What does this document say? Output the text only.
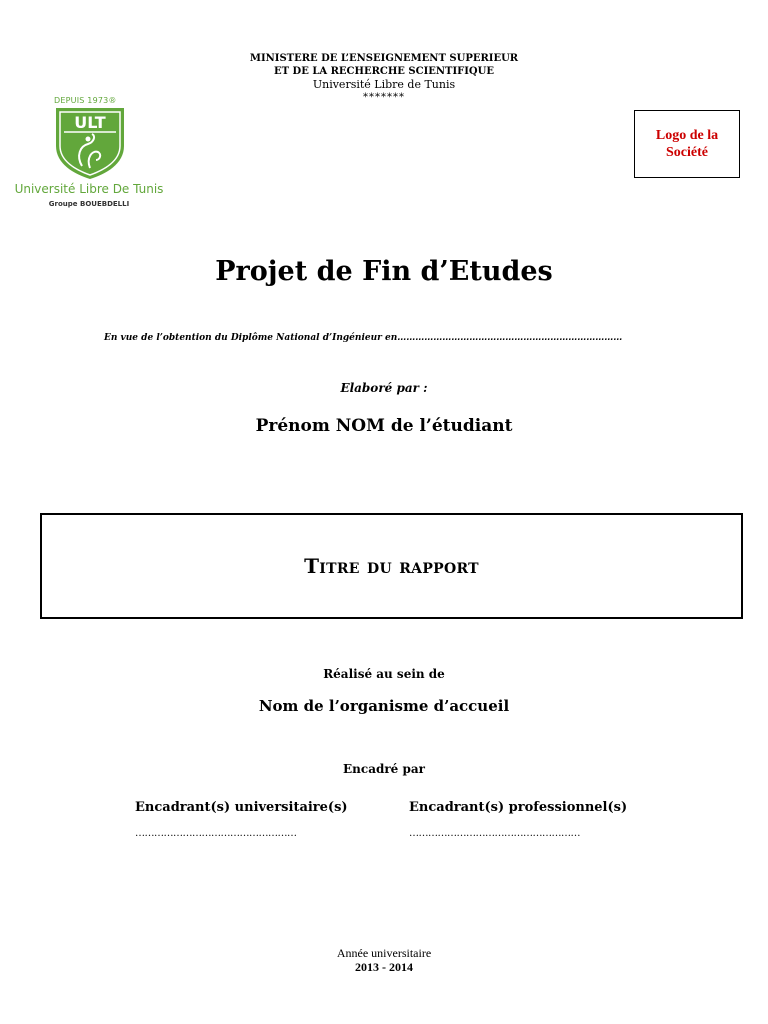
MINISTERE DE L’ENSEIGNEMENT SUPERIEUR
ET DE LA RECHERCHE SCIENTIFIQUE
Université Libre de Tunis
*******
DEPUIS 1973®
ULT
Université Libre De Tunis
Groupe BOUEBDELLI
Logo de la Société
Projet de Fin d’Etudes
En vue de l’obtention du Diplôme National d’Ingénieur en…………………………………………………………………
Elaboré par :
Prénom NOM de l’étudiant
Titre du rapport
Réalisé au sein de
Nom de l’organisme d’accueil
Encadré par
Encadrant(s) universitaire(s)	Encadrant(s) professionnel(s)
……………………………………………	………………………………………………
Année universitaire
2013 - 2014
